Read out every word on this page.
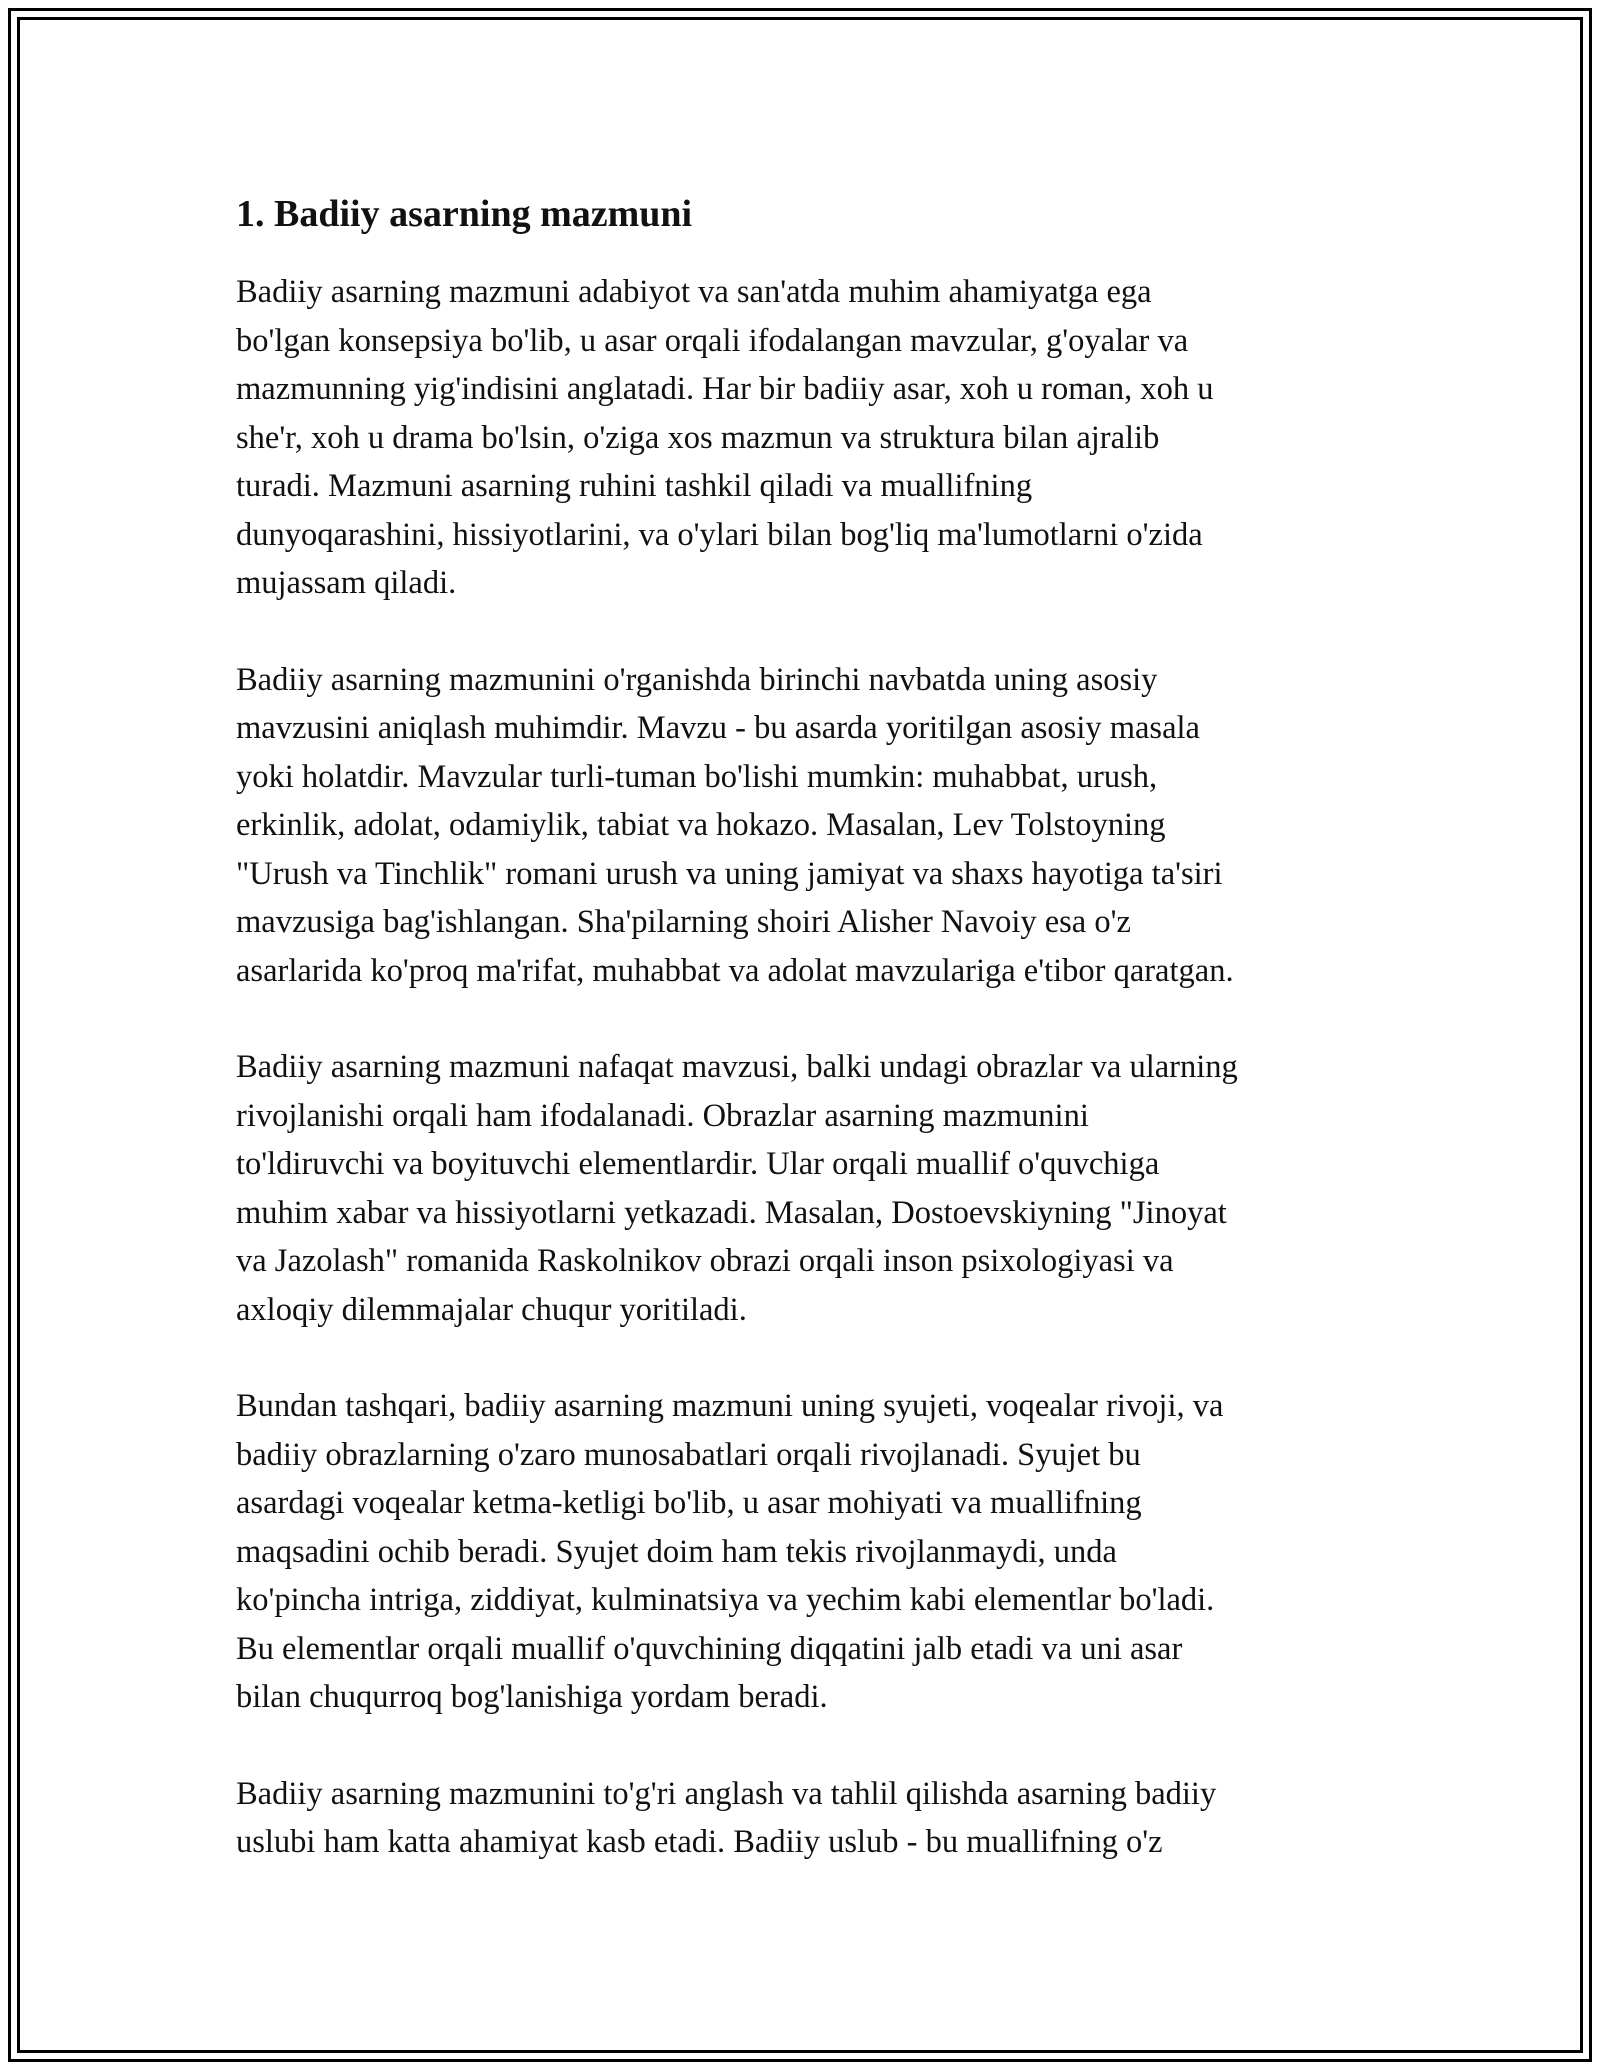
1. Badiiy asarning mazmuni

Badiiy asarning mazmuni adabiyot va san'atda muhim ahamiyatga ega
bo'lgan konsepsiya bo'lib, u asar orqali ifodalangan mavzular, g'oyalar va
mazmunning yig'indisini anglatadi. Har bir badiiy asar, xoh u roman, xoh u
she'r, xoh u drama bo'lsin, o'ziga xos mazmun va struktura bilan ajralib
turadi. Mazmuni asarning ruhini tashkil qiladi va muallifning
dunyoqarashini, hissiyotlarini, va o'ylari bilan bog'liq ma'lumotlarni o'zida
mujassam qiladi.

Badiiy asarning mazmunini o'rganishda birinchi navbatda uning asosiy
mavzusini aniqlash muhimdir. Mavzu - bu asarda yoritilgan asosiy masala
yoki holatdir. Mavzular turli-tuman bo'lishi mumkin: muhabbat, urush,
erkinlik, adolat, odamiylik, tabiat va hokazo. Masalan, Lev Tolstoyning
"Urush va Tinchlik" romani urush va uning jamiyat va shaxs hayotiga ta'siri
mavzusiga bag'ishlangan. Sha'pilarning shoiri Alisher Navoiy esa o'z
asarlarida ko'proq ma'rifat, muhabbat va adolat mavzulariga e'tibor qaratgan.

Badiiy asarning mazmuni nafaqat mavzusi, balki undagi obrazlar va ularning
rivojlanishi orqali ham ifodalanadi. Obrazlar asarning mazmunini
to'ldiruvchi va boyituvchi elementlardir. Ular orqali muallif o'quvchiga
muhim xabar va hissiyotlarni yetkazadi. Masalan, Dostoevskiyning "Jinoyat
va Jazolash" romanida Raskolnikov obrazi orqali inson psixologiyasi va
axloqiy dilemmajalar chuqur yoritiladi.

Bundan tashqari, badiiy asarning mazmuni uning syujeti, voqealar rivoji, va
badiiy obrazlarning o'zaro munosabatlari orqali rivojlanadi. Syujet bu
asardagi voqealar ketma-ketligi bo'lib, u asar mohiyati va muallifning
maqsadini ochib beradi. Syujet doim ham tekis rivojlanmaydi, unda
ko'pincha intriga, ziddiyat, kulminatsiya va yechim kabi elementlar bo'ladi.
Bu elementlar orqali muallif o'quvchining diqqatini jalb etadi va uni asar
bilan chuqurroq bog'lanishiga yordam beradi.

Badiiy asarning mazmunini to'g'ri anglash va tahlil qilishda asarning badiiy
uslubi ham katta ahamiyat kasb etadi. Badiiy uslub - bu muallifning o'z
